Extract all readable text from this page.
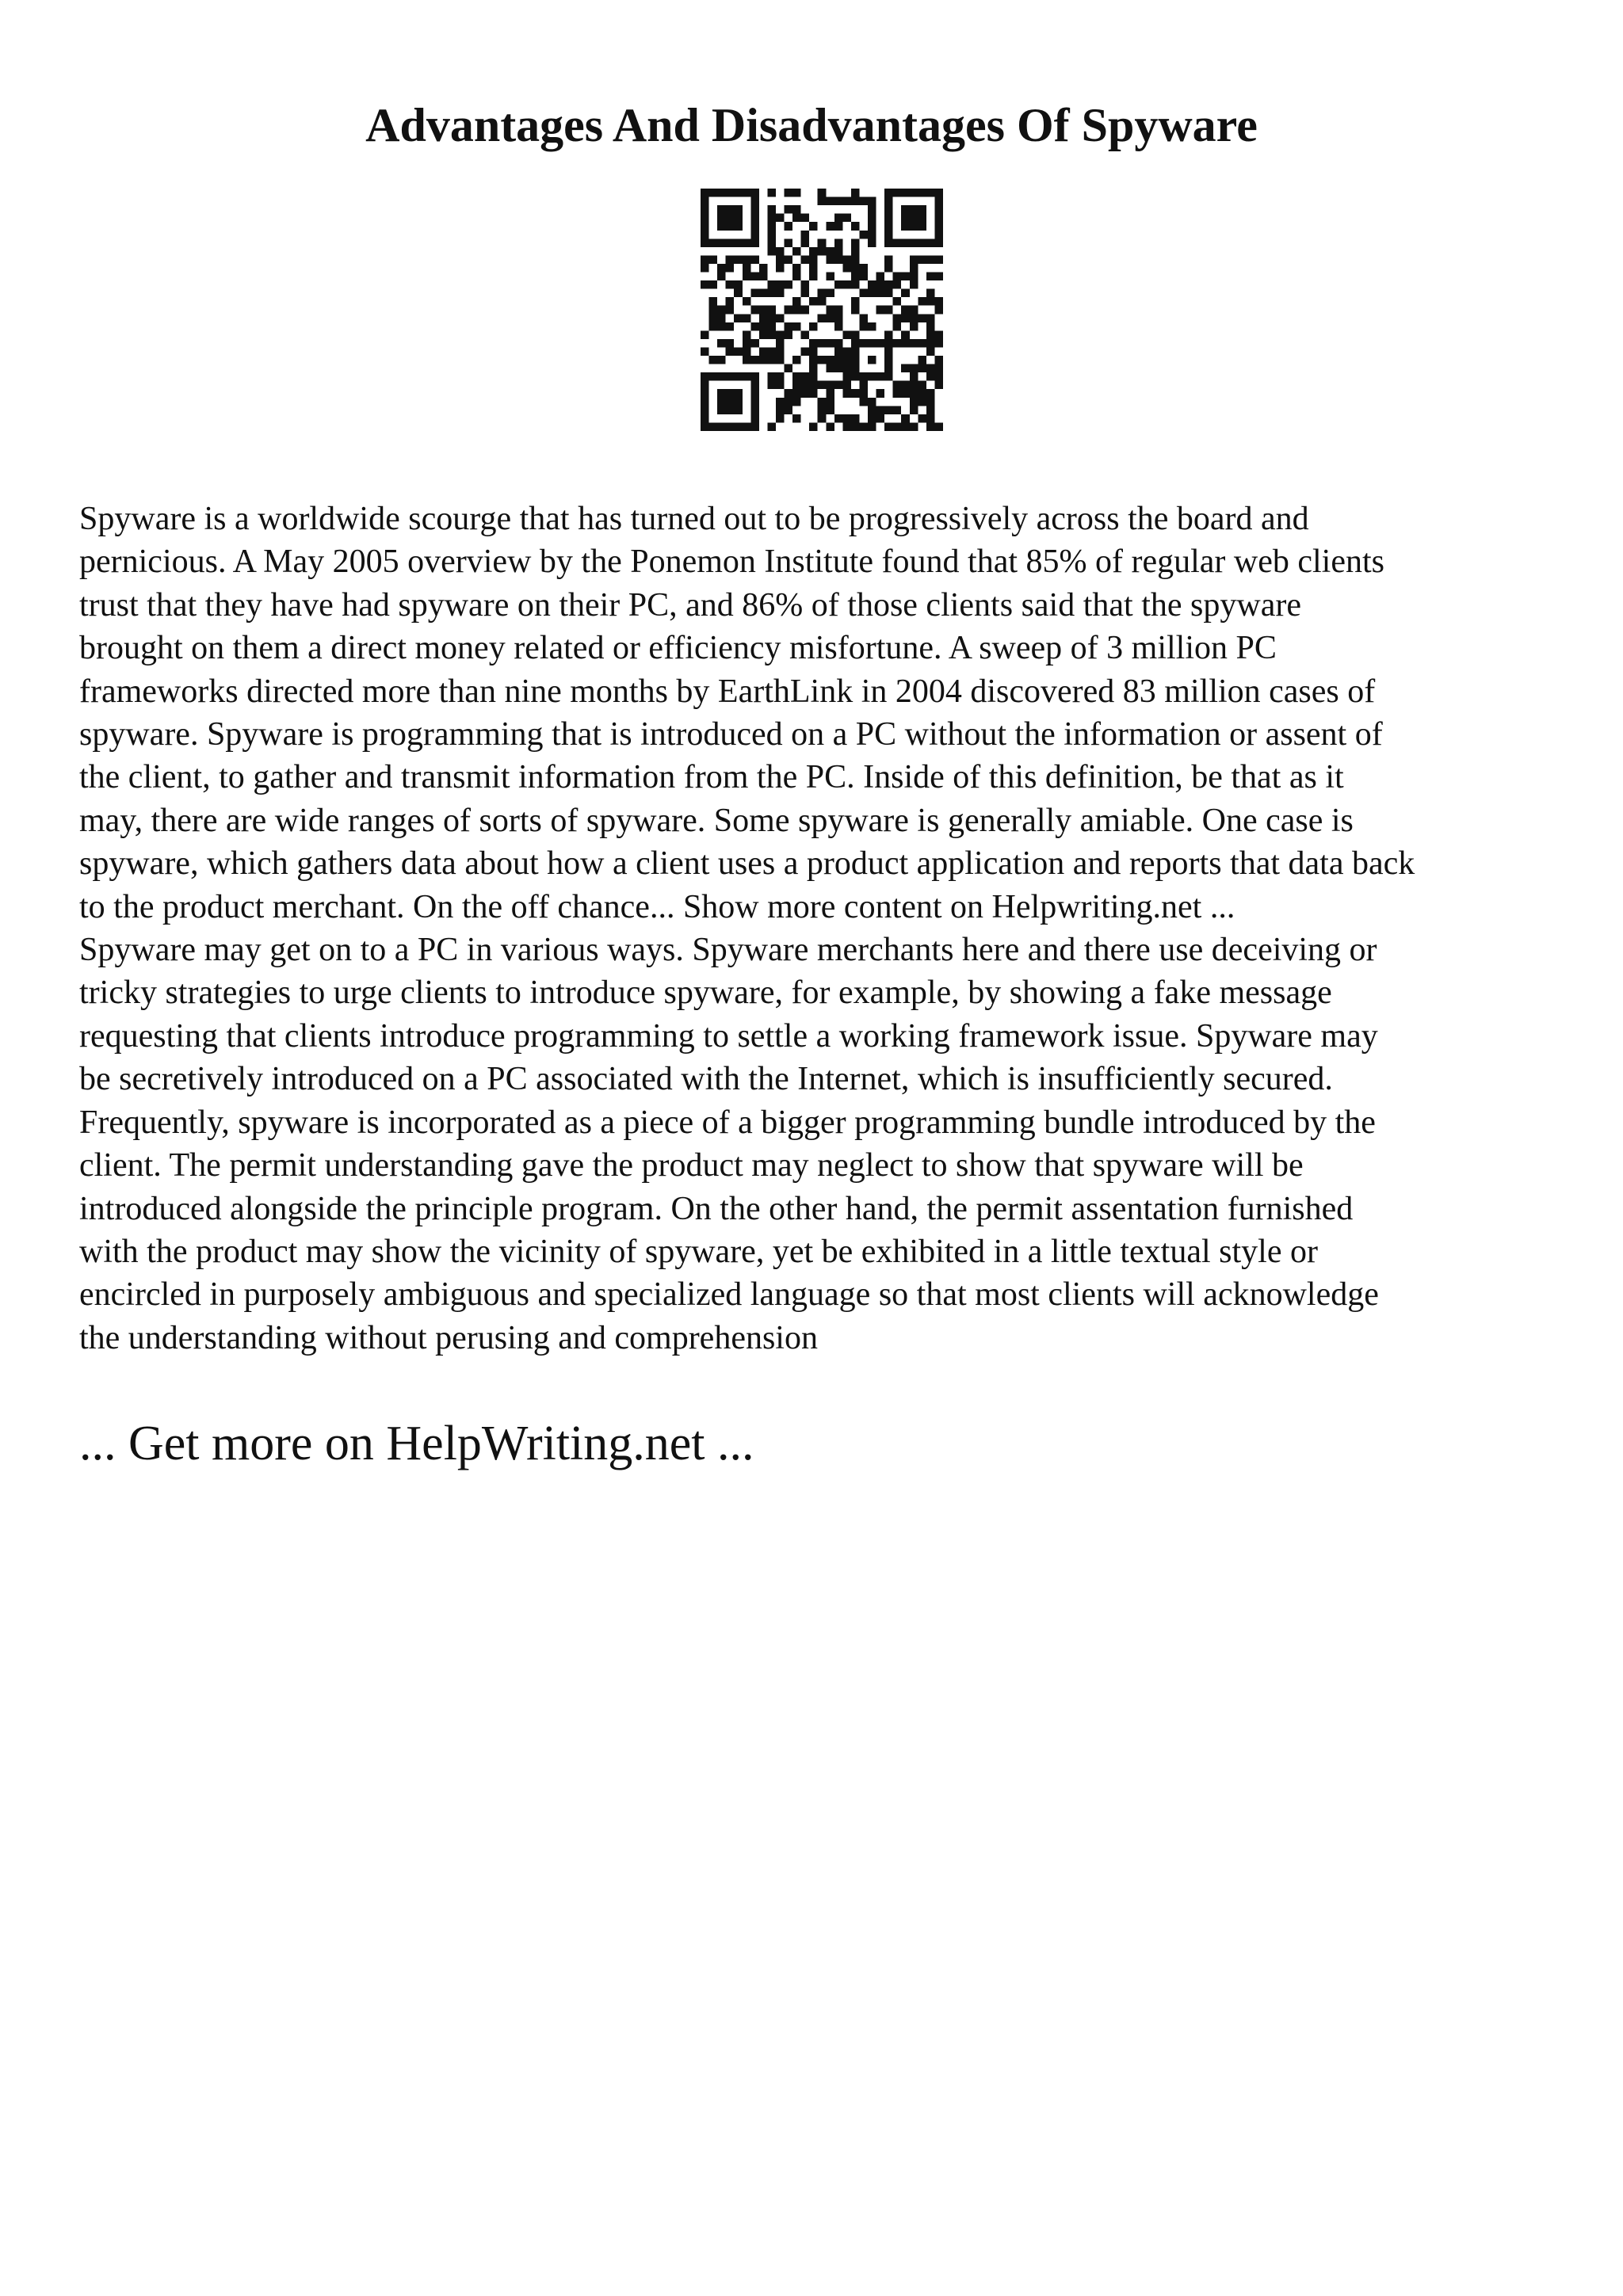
Advantages And Disadvantages Of Spyware
Spyware is a worldwide scourge that has turned out to be progressively across the board and
pernicious. A May 2005 overview by the Ponemon Institute found that 85% of regular web clients
trust that they have had spyware on their PC, and 86% of those clients said that the spyware
brought on them a direct money related or efficiency misfortune. A sweep of 3 million PC
frameworks directed more than nine months by EarthLink in 2004 discovered 83 million cases of
spyware. Spyware is programming that is introduced on a PC without the information or assent of
the client, to gather and transmit information from the PC. Inside of this definition, be that as it
may, there are wide ranges of sorts of spyware. Some spyware is generally amiable. One case is
spyware, which gathers data about how a client uses a product application and reports that data back
to the product merchant. On the off chance... Show more content on Helpwriting.net ...
Spyware may get on to a PC in various ways. Spyware merchants here and there use deceiving or
tricky strategies to urge clients to introduce spyware, for example, by showing a fake message
requesting that clients introduce programming to settle a working framework issue. Spyware may
be secretively introduced on a PC associated with the Internet, which is insufficiently secured.
Frequently, spyware is incorporated as a piece of a bigger programming bundle introduced by the
client. The permit understanding gave the product may neglect to show that spyware will be
introduced alongside the principle program. On the other hand, the permit assentation furnished
with the product may show the vicinity of spyware, yet be exhibited in a little textual style or
encircled in purposely ambiguous and specialized language so that most clients will acknowledge
the understanding without perusing and comprehension
... Get more on HelpWriting.net ...
